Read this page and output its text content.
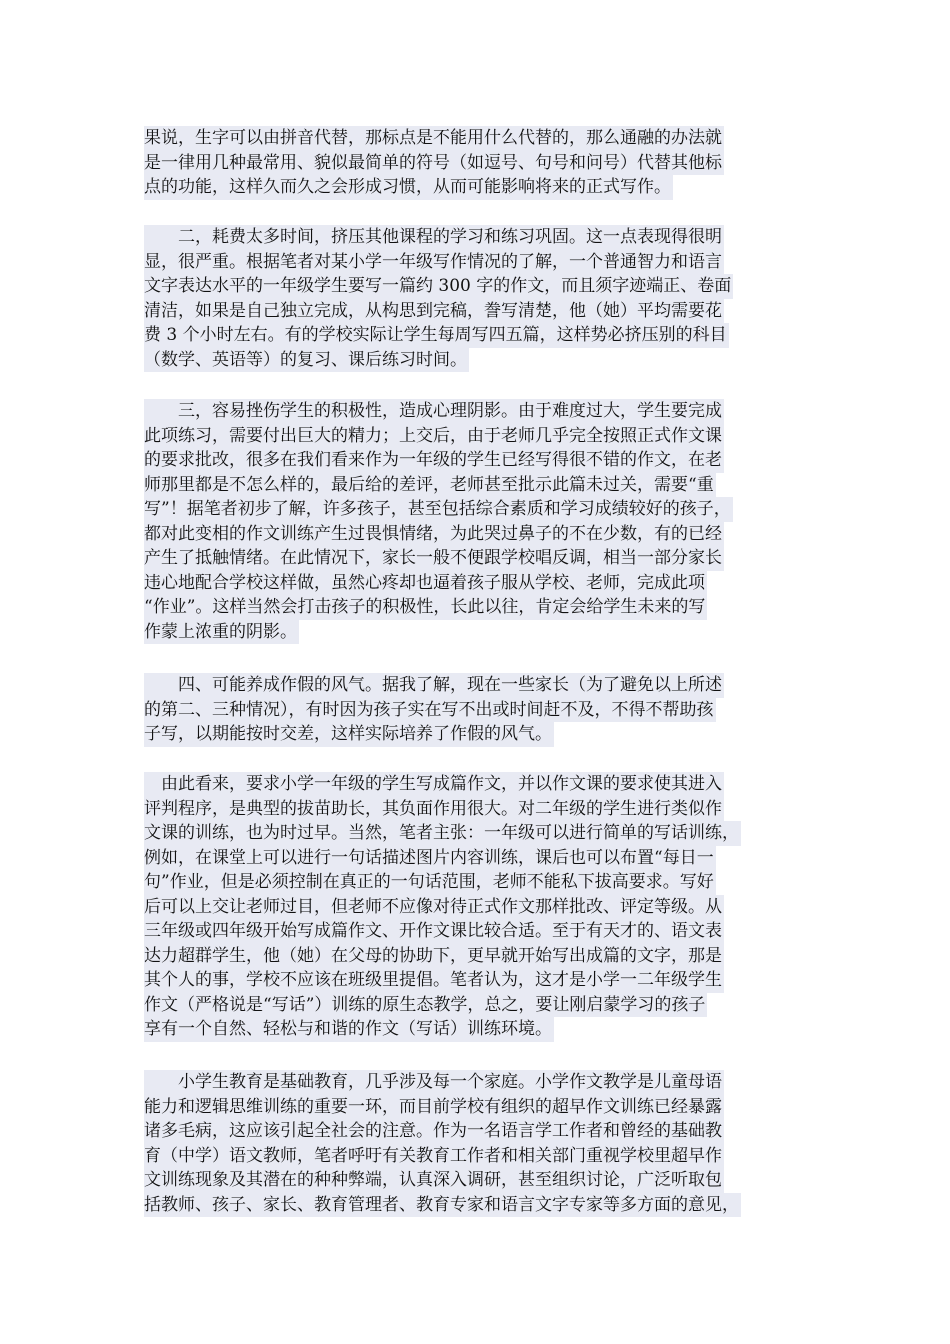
果说，生字可以由拼音代替，那标点是不能用什么代替的，那么通融的办法就
是一律用几种最常用、貌似最简单的符号（如逗号、句号和问号）代替其他标
点的功能，这样久而久之会形成习惯，从而可能影响将来的正式写作。
　　二，耗费太多时间，挤压其他课程的学习和练习巩固。这一点表现得很明
显，很严重。根据笔者对某小学一年级写作情况的了解，一个普通智力和语言
文字表达水平的一年级学生要写一篇约 300 字的作文，而且须字迹端正、卷面
清洁，如果是自己独立完成，从构思到完稿，誊写清楚，他（她）平均需要花
费 3 个小时左右。有的学校实际让学生每周写四五篇，这样势必挤压别的科目
（数学、英语等）的复习、课后练习时间。
　　三，容易挫伤学生的积极性，造成心理阴影。由于难度过大，学生要完成
此项练习，需要付出巨大的精力；上交后，由于老师几乎完全按照正式作文课
的要求批改，很多在我们看来作为一年级的学生已经写得很不错的作文，在老
师那里都是不怎么样的，最后给的差评，老师甚至批示此篇未过关，需要“重
写”！据笔者初步了解，许多孩子，甚至包括综合素质和学习成绩较好的孩子，
都对此变相的作文训练产生过畏惧情绪，为此哭过鼻子的不在少数，有的已经
产生了抵触情绪。在此情况下，家长一般不便跟学校唱反调，相当一部分家长
违心地配合学校这样做，虽然心疼却也逼着孩子服从学校、老师，完成此项
“作业”。这样当然会打击孩子的积极性，长此以往，肯定会给学生未来的写
作蒙上浓重的阴影。
　　四、可能养成作假的风气。据我了解，现在一些家长（为了避免以上所述
的第二、三种情况），有时因为孩子实在写不出或时间赶不及，不得不帮助孩
子写，以期能按时交差，这样实际培养了作假的风气。
　由此看来，要求小学一年级的学生写成篇作文，并以作文课的要求使其进入
评判程序，是典型的拔苗助长，其负面作用很大。对二年级的学生进行类似作
文课的训练，也为时过早。当然，笔者主张：一年级可以进行简单的写话训练，
例如，在课堂上可以进行一句话描述图片内容训练，课后也可以布置“每日一
句”作业，但是必须控制在真正的一句话范围，老师不能私下拔高要求。写好
后可以上交让老师过目，但老师不应像对待正式作文那样批改、评定等级。从
三年级或四年级开始写成篇作文、开作文课比较合适。至于有天才的、语文表
达力超群学生，他（她）在父母的协助下，更早就开始写出成篇的文字，那是
其个人的事，学校不应该在班级里提倡。笔者认为，这才是小学一二年级学生
作文（严格说是“写话”）训练的原生态教学，总之，要让刚启蒙学习的孩子
享有一个自然、轻松与和谐的作文（写话）训练环境。
　　小学生教育是基础教育，几乎涉及每一个家庭。小学作文教学是儿童母语
能力和逻辑思维训练的重要一环，而目前学校有组织的超早作文训练已经暴露
诸多毛病，这应该引起全社会的注意。作为一名语言学工作者和曾经的基础教
育（中学）语文教师，笔者呼吁有关教育工作者和相关部门重视学校里超早作
文训练现象及其潜在的种种弊端，认真深入调研，甚至组织讨论，广泛听取包
括教师、孩子、家长、教育管理者、教育专家和语言文字专家等多方面的意见，
